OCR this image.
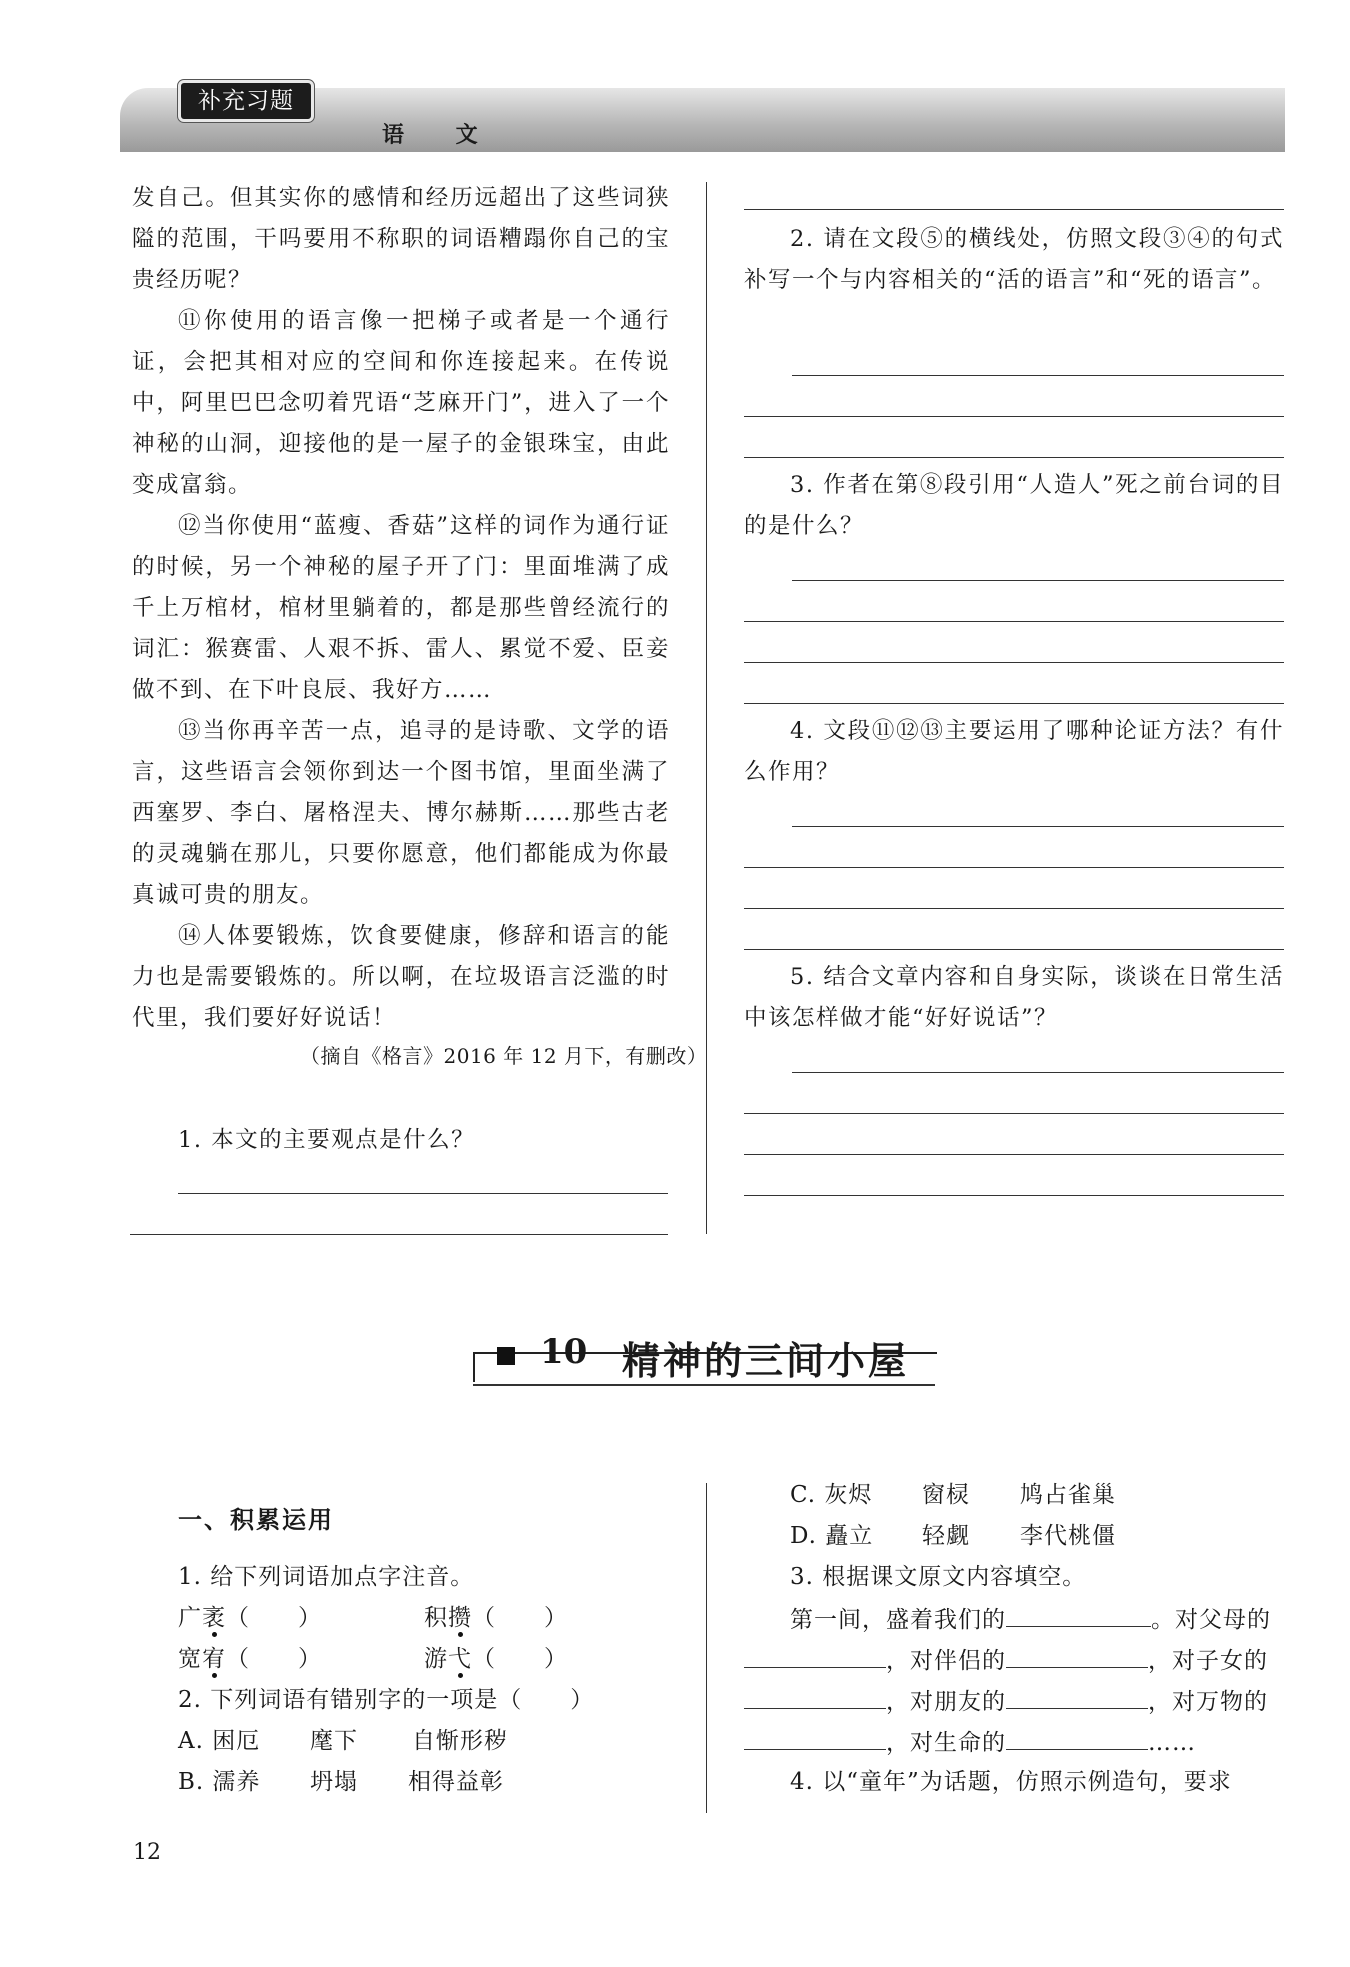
补充习题
语 文

发自己。但其实你的感情和经历远超出了这些词狭隘的范围，干吗要用不称职的词语糟蹋你自己的宝贵经历呢？

⑪你使用的语言像一把梯子或者是一个通行证，会把其相对应的空间和你连接起来。在传说中，阿里巴巴念叨着咒语“芝麻开门”，进入了一个神秘的山洞，迎接他的是一屋子的金银珠宝，由此变成富翁。

⑫当你使用“蓝瘦、香菇”这样的词作为通行证的时候，另一个神秘的屋子开了门：里面堆满了成千上万棺材，棺材里躺着的，都是那些曾经流行的词汇：猴赛雷、人艰不拆、雷人、累觉不爱、臣妾做不到、在下叶良辰、我好方……

⑬当你再辛苦一点，追寻的是诗歌、文学的语言，这些语言会领你到达一个图书馆，里面坐满了西塞罗、李白、屠格涅夫、博尔赫斯……那些古老的灵魂躺在那儿，只要你愿意，他们都能成为你最真诚可贵的朋友。

⑭人体要锻炼，饮食要健康，修辞和语言的能力也是需要锻炼的。所以啊，在垃圾语言泛滥的时代里，我们要好好说话！

（摘自《格言》2016 年 12 月下，有删改）
1. 本文的主要观点是什么？

2. 请在文段⑤的横线处，仿照文段③④的句式补写一个与内容相关的“活的语言”和“死的语言”。

3. 作者在第⑧段引用“人造人”死之前台词的目的是什么？

4. 文段⑪⑫⑬主要运用了哪种论证方法？有什么作用？

5. 结合文章内容和自身实际，谈谈在日常生活中该怎样做才能“好好说话”？

10 精神的三间小屋
一、积累运用
1. 给下列词语加点字注音。
广袤（　　）	积攒（　　）
宽宥（　　）	游弋（　　）
2. 下列词语有错别字的一项是（　　）
A. 困厄 麾下 自惭形秽
B. 濡养 坍塌 相得益彰
C. 灰烬 窗棂 鸠占雀巢
D. 矗立 轻觑 李代桃僵
3. 根据课文原文内容填空。
第一间，盛着我们的	。对父母的
，对伴侣的	，对子女的
，对朋友的	，对万物的
，对生命的	……
4. 以“童年”为话题，仿照示例造句，要求
12
